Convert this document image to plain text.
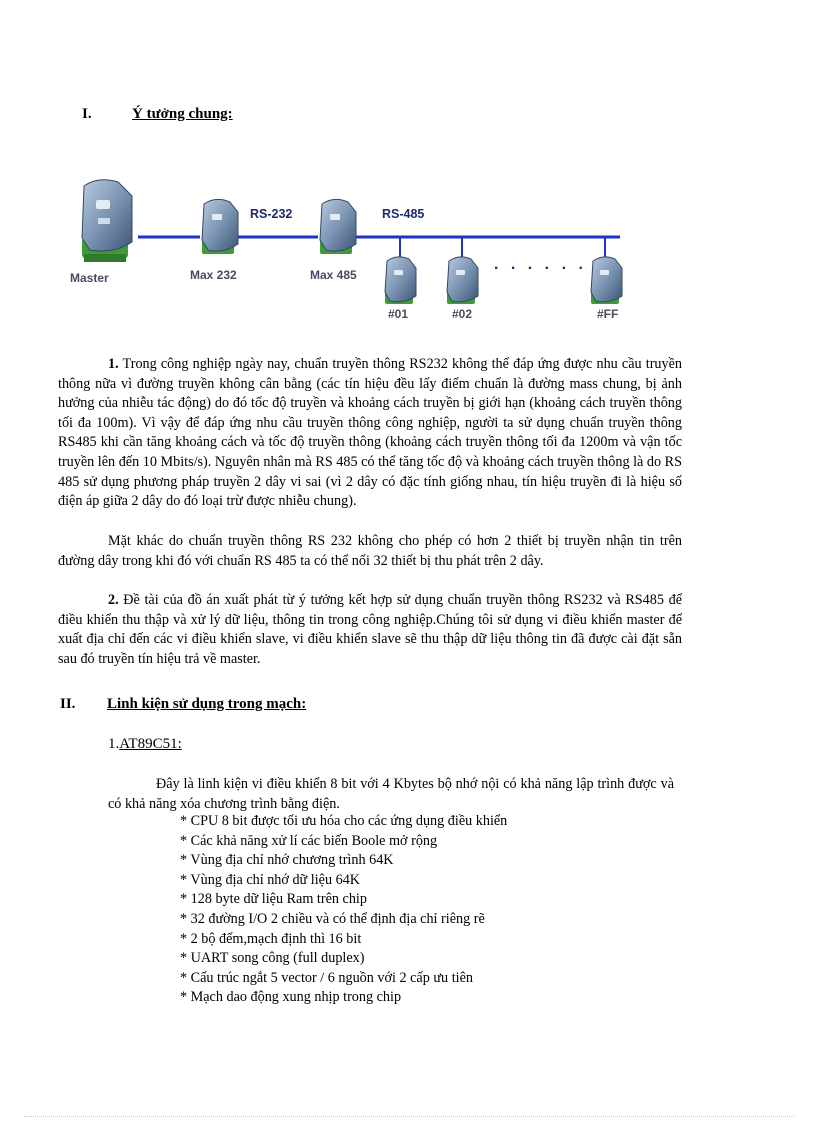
I.	Ý tưởng chung:
RS-232	RS-485
Master	Max 232	Max 485
#01	#02	#FF
. . . . . .
1. Trong công nghiệp ngày nay, chuẩn truyền thông RS232 không thể đáp ứng được nhu cầu truyền thông nữa vì đường truyền không cân bằng (các tín hiệu đều lấy điểm chuẩn là đường mass chung, bị ảnh hưởng của nhiễu tác động) do đó tốc độ truyền và khoảng cách truyền bị giới hạn (khoảng cách truyền thông tối đa 100m). Vì vậy để đáp ứng nhu cầu truyền thông công nghiệp, người ta sử dụng chuẩn truyền thông RS485 khi cần tăng khoảng cách và tốc độ truyền thông (khoảng cách truyền thông tối đa 1200m và vận tốc truyền lên đến 10 Mbits/s). Nguyên nhân mà RS 485 có thể tăng tốc độ và khoảng cách truyền thông là do RS 485 sử dụng phương pháp truyền 2 dây vi sai (vì 2 dây có đặc tính giống nhau, tín hiệu truyền đi là hiệu số điện áp giữa 2 dây do đó loại trừ được nhiễu chung).
Mặt khác do chuẩn truyền thông RS 232 không cho phép có hơn 2 thiết bị truyền nhận tin trên đường dây trong khi đó với chuẩn RS 485 ta có thể nối 32 thiết bị thu phát trên 2 dây.
2. Đề tài của đồ án xuất phát từ ý tưởng kết hợp sử dụng chuẩn truyền thông RS232 và RS485 để điều khiển thu thập và xử lý dữ liệu, thông tin trong công nghiệp.Chúng tôi sử dụng vi điều khiển master để xuất địa chỉ đến các vi điều khiển slave, vi điều khiển slave sẽ thu thập dữ liệu thông tin đã được cài đặt sẵn sau đó truyền tín hiệu trả về master.
II. Linh kiện sử dụng trong mạch:
1.AT89C51:
Đây là linh kiện vi điều khiển 8 bit với 4 Kbytes bộ nhớ nội có khả năng lập trình được và có khả năng xóa chương trình bằng điện.
* CPU 8 bit được tối ưu hóa cho các ứng dụng điều khiển
* Các khả năng xử lí các biến Boole mở rộng
* Vùng địa chỉ nhớ chương trình 64K
* Vùng địa chỉ nhớ dữ liệu 64K
* 128 byte dữ liệu Ram trên chip
* 32 đường I/O 2 chiều và có thể định địa chỉ riêng rẽ
* 2 bộ đếm,mạch định thì 16 bit
* UART song công (full duplex)
* Cấu trúc ngắt 5 vector / 6 nguồn với 2 cấp ưu tiên
* Mạch dao động xung nhịp trong chip
